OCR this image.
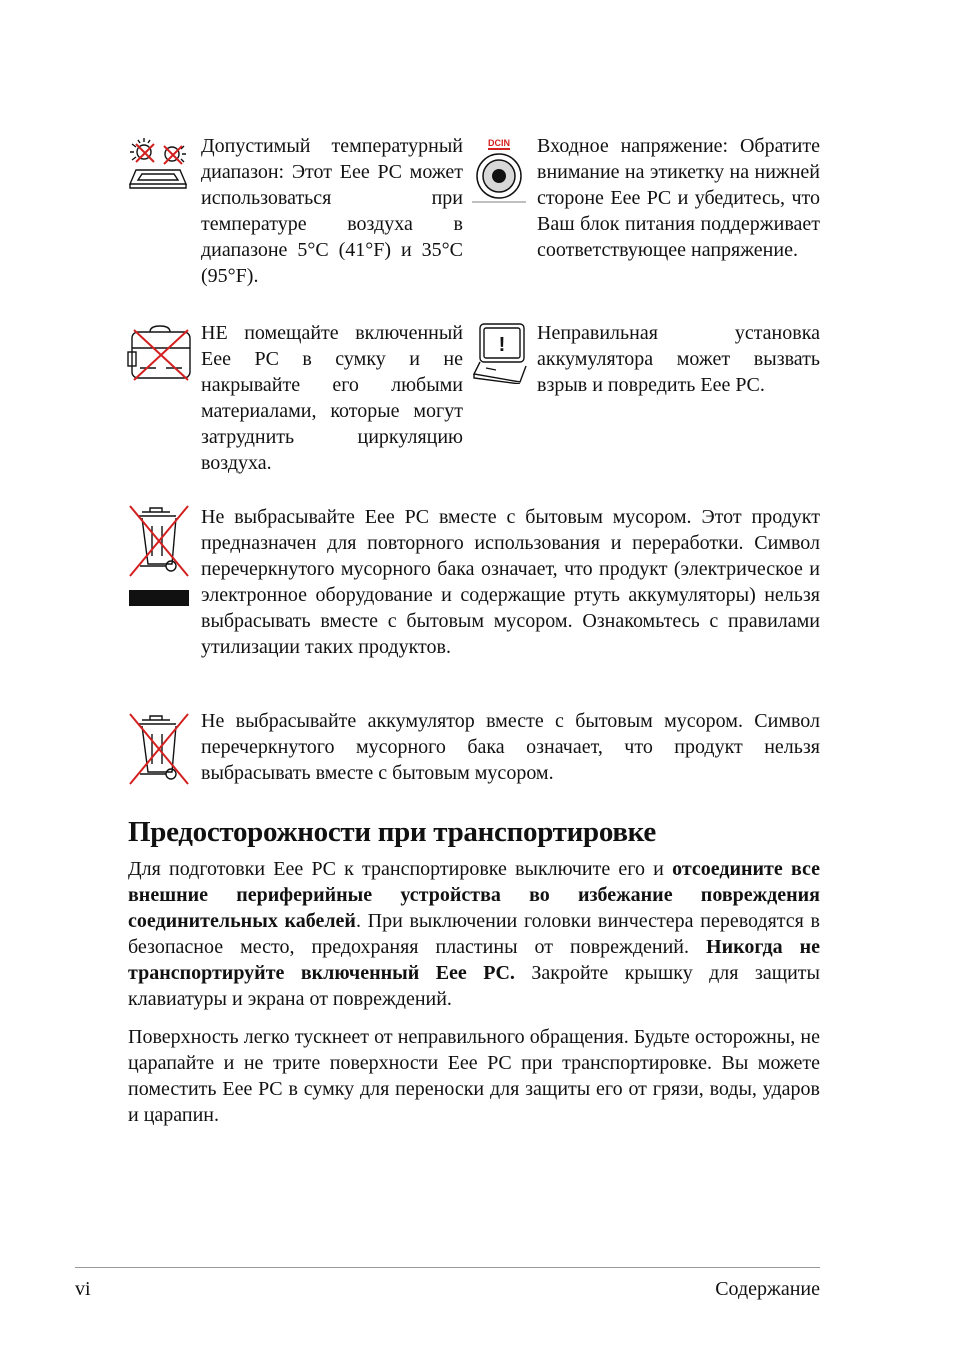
Допустимый температурный диапазон: Этот Eee PC может использоваться при температуре воздуха в диапазоне 5°C (41°F) и 35°C (95°F).
DCIN Входное напряжение: Обратите внимание на этикетку на нижней стороне Eee PC и убедитесь, что Ваш блок питания поддерживает соответствующее напряжение.
НЕ помещайте включенный Eee PC в сумку и не накрывайте его любыми материалами, которые могут затруднить циркуляцию воздуха.
!
Неправильная установка аккумулятора может вызвать взрыв и повредить Eee PC.
Не выбрасывайте Eee PC вместе с бытовым мусором. Этот продукт предназначен для повторного использования и переработки. Символ перечеркнутого мусорного бака означает, что продукт (электрическое и электронное оборудование и содержащие ртуть аккумуляторы) нельзя выбрасывать вместе с бытовым мусором. Ознакомьтесь с правилами утилизации таких продуктов.
Не выбрасывайте аккумулятор вместе с бытовым мусором. Символ перечеркнутого мусорного бака означает, что продукт нельзя выбрасывать вместе с бытовым мусором.
Предосторожности при транспортировке

Для подготовки Eee PC к транспортировке выключите его и отсоедините все внешние периферийные устройства во избежание повреждения соединительных кабелей. При выключении головки винчестера переводятся в безопасное место, предохраняя пластины от повреждений. Никогда не транспортируйте включенный Eee PC. Закройте крышку для защиты клавиатуры и экрана от повреждений.

Поверхность легко тускнеет от неправильного обращения. Будьте осторожны, не царапайте и не трите поверхности Eee PC при транспортировке. Вы можете поместить Eee PC в сумку для переноски для защиты его от грязи, воды, ударов и царапин.

vi	Содержание
